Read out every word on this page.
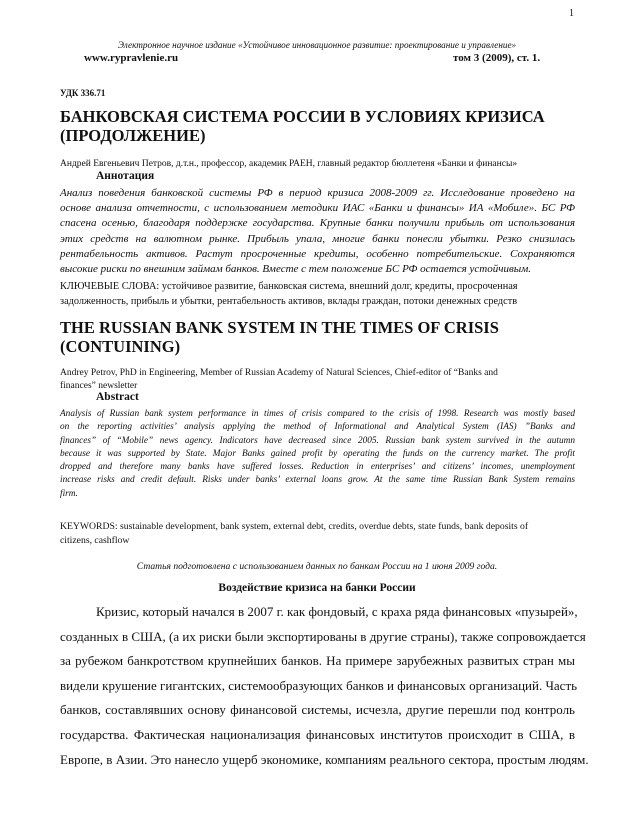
1
Электронное научное издание «Устойчивое инновационное развитие: проектирование и управление»
www.rypravlenie.ru	том 3 (2009), ст. 1.
УДК 336.71
БАНКОВСКАЯ СИСТЕМА РОССИИ В УСЛОВИЯХ КРИЗИСА
(ПРОДОЛЖЕНИЕ)
Андрей Евгеньевич Петров, д.т.н., профессор, академик РАЕН, главный редактор бюллетеня «Банки и финансы»
Аннотация
Анализ поведения банковской системы РФ в период кризиса 2008-2009 гг. Исследование проведено на
основе анализа отчетности, с использованием методики ИАС «Банки и финансы» ИА «Мобиле». БС РФ
спасена осенью, благодаря поддержке государства. Крупные банки получили прибыль от использования
этих средств на валютном рынке. Прибыль упала, многие банки понесли убытки. Резко снизилась
рентабельность активов. Растут просроченные кредиты, особенно потребительские. Сохраняются
высокие риски по внешним займам банков. Вместе с тем положение БС РФ остается устойчивым.
КЛЮЧЕВЫЕ СЛОВА: устойчивое развитие, банковская система, внешний долг, кредиты, просроченная
задолженность, прибыль и убытки, рентабельность активов, вклады граждан, потоки денежных средств
THE RUSSIAN BANK SYSTEM IN THE TIMES OF CRISIS
(CONTUINING)
Andrey Petrov, PhD in Engineering, Member of Russian Academy of Natural Sciences, Chief-editor of “Banks and
finances” newsletter
Abstract
Analysis of Russian bank system performance in times of crisis compared to the crisis of 1998. Research was mostly based
on the reporting activities’ analysis applying the method of Informational and Analytical System (IAS) ”Banks and
finances” of “Mobile” news agency. Indicators have decreased since 2005. Russian bank system survived in the autumn
because it was supported by State. Major Banks gained profit by operating the funds on the currency market. The profit
dropped and therefore many banks have suffered losses. Reduction in enterprises’ and citizens’ incomes, unemployment
increase risks and credit default. Risks under banks’ external loans grow. At the same time Russian Bank System remains
firm.
KEYWORDS: sustainable development, bank system, external debt, credits, overdue debts, state funds, bank deposits of
citizens, cashflow
Статья подготовлена с использованием данных по банкам России на 1 июня 2009 года.
Воздействие кризиса на банки России
Кризис, который начался в 2007 г. как фондовый, с краха ряда финансовых «пузырей»,
созданных в США, (а их риски были экспортированы в другие страны), также сопровождается
за рубежом банкротством крупнейших банков. На примере зарубежных развитых стран мы
видели крушение гигантских, системообразующих банков и финансовых организаций. Часть
банков, составлявших основу финансовой системы, исчезла, другие перешли под контроль
государства. Фактическая национализация финансовых институтов происходит в США, в
Европе, в Азии. Это нанесло ущерб экономике, компаниям реального сектора, простым людям.
